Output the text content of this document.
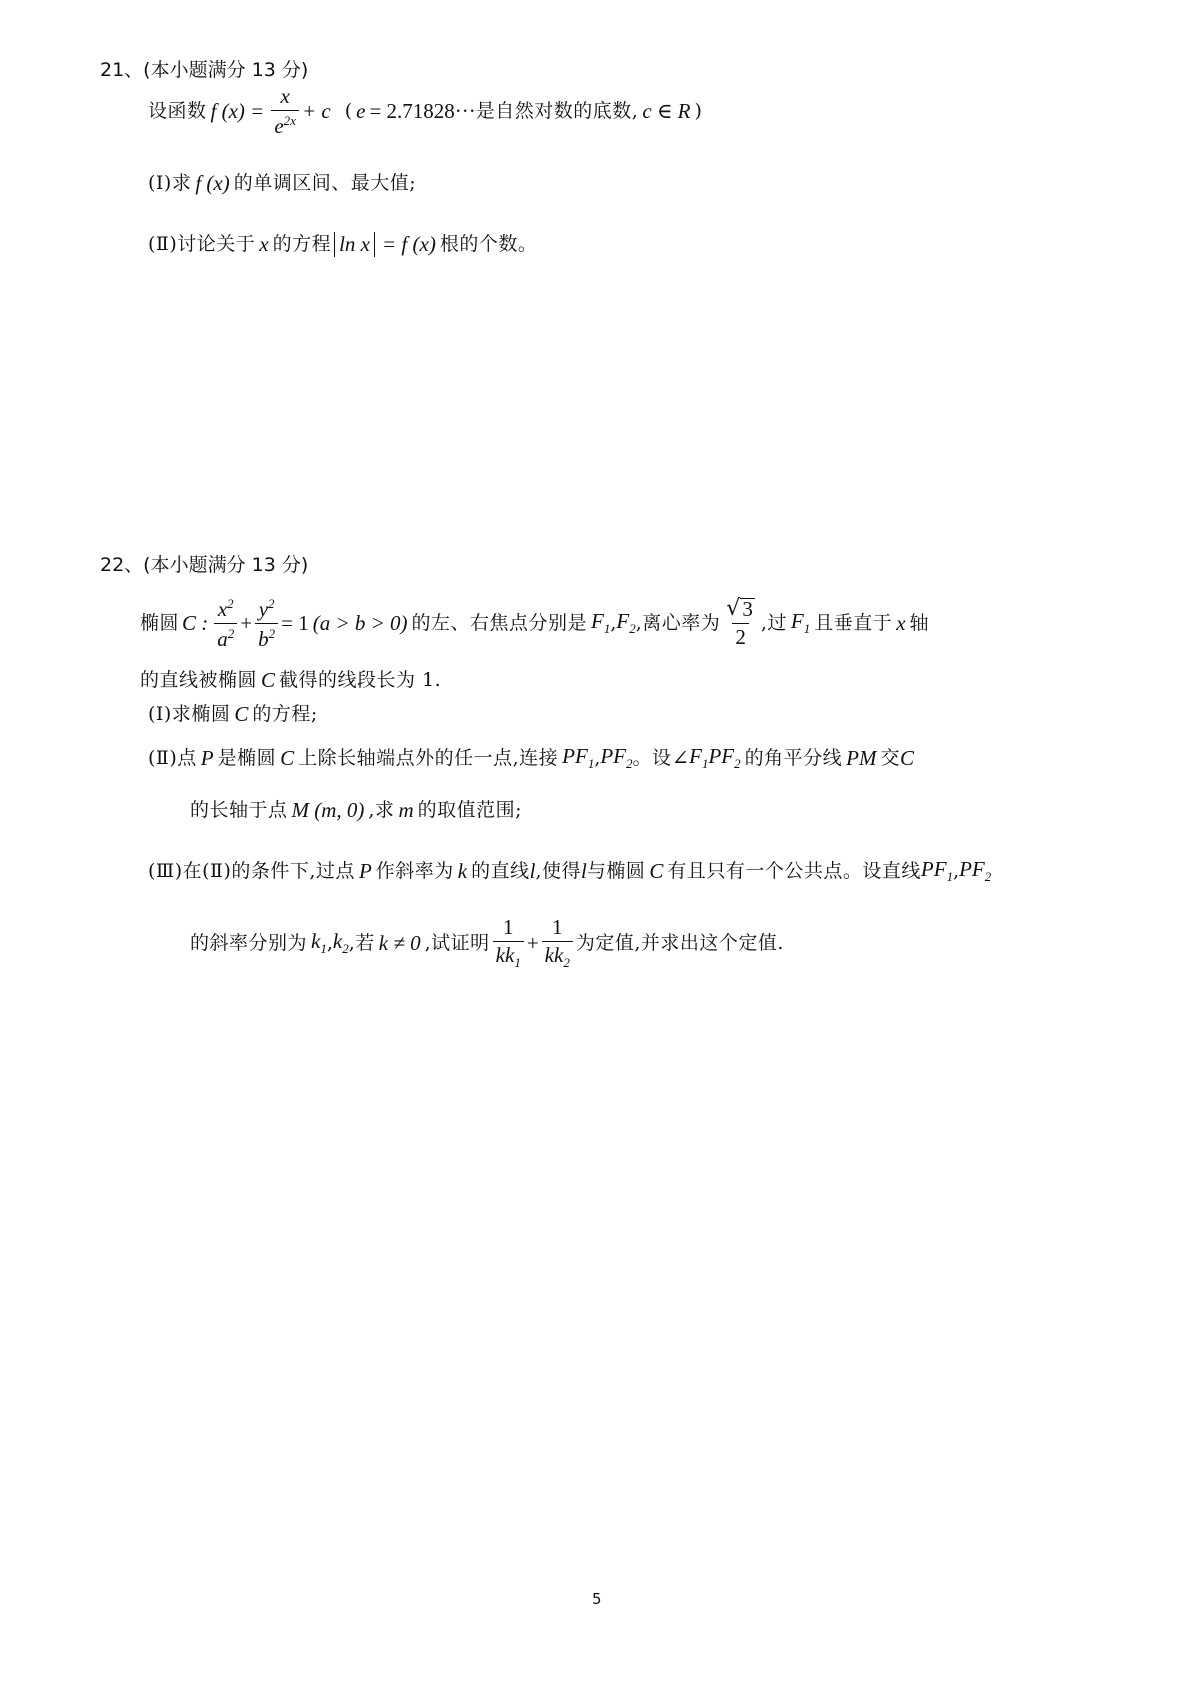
21、(本小题满分 13 分)
设函数 f $(x) = \frac{x}{e^{2x}} + c$ ( e = 2.71828··· 是自然对数的底数, c ∈ R )
(Ⅰ)求 f (x) 的单调区间、最大值;
(Ⅱ)讨论关于 x 的方程 ln x = f (x) 根的个数。
22、(本小题满分 13 分)
椭圆 C : $\frac{x^2}{a^2} + \frac{y^2}{b^2} = 1$ (a > b > 0) 的左、右焦点分别是 $F_1$ , $F_2$ ,离心率为 $\frac{√ 3}{2}$ ,过 $F_1$ 且垂直于 x 轴
的直线被椭圆 C 截得的线段长为 1.
(Ⅰ)求椭圆 C 的方程;
(Ⅱ)点 P 是椭圆 C 上除长轴端点外的任一点,连接 $PF_1$ , $PF_2$ 。设 ∠ $F_1PF_2$ 的角平分线 PM 交 C
的长轴于点 M (m, 0) ,求 m 的取值范围;
(Ⅲ)在(Ⅱ)的条件下,过点 P 作斜率为 k 的直线 l ,使得 l 与椭圆 C 有且只有一个公共点。设直线 $PF_1$ , $PF_2$
的斜率分别为 $k_1$ , $k_2$ ,若 k ≠ 0 ,试证明 $\frac{1}{kk_1} + \frac{1}{kk_2}$ 为定值,并求出这个定值.
5
